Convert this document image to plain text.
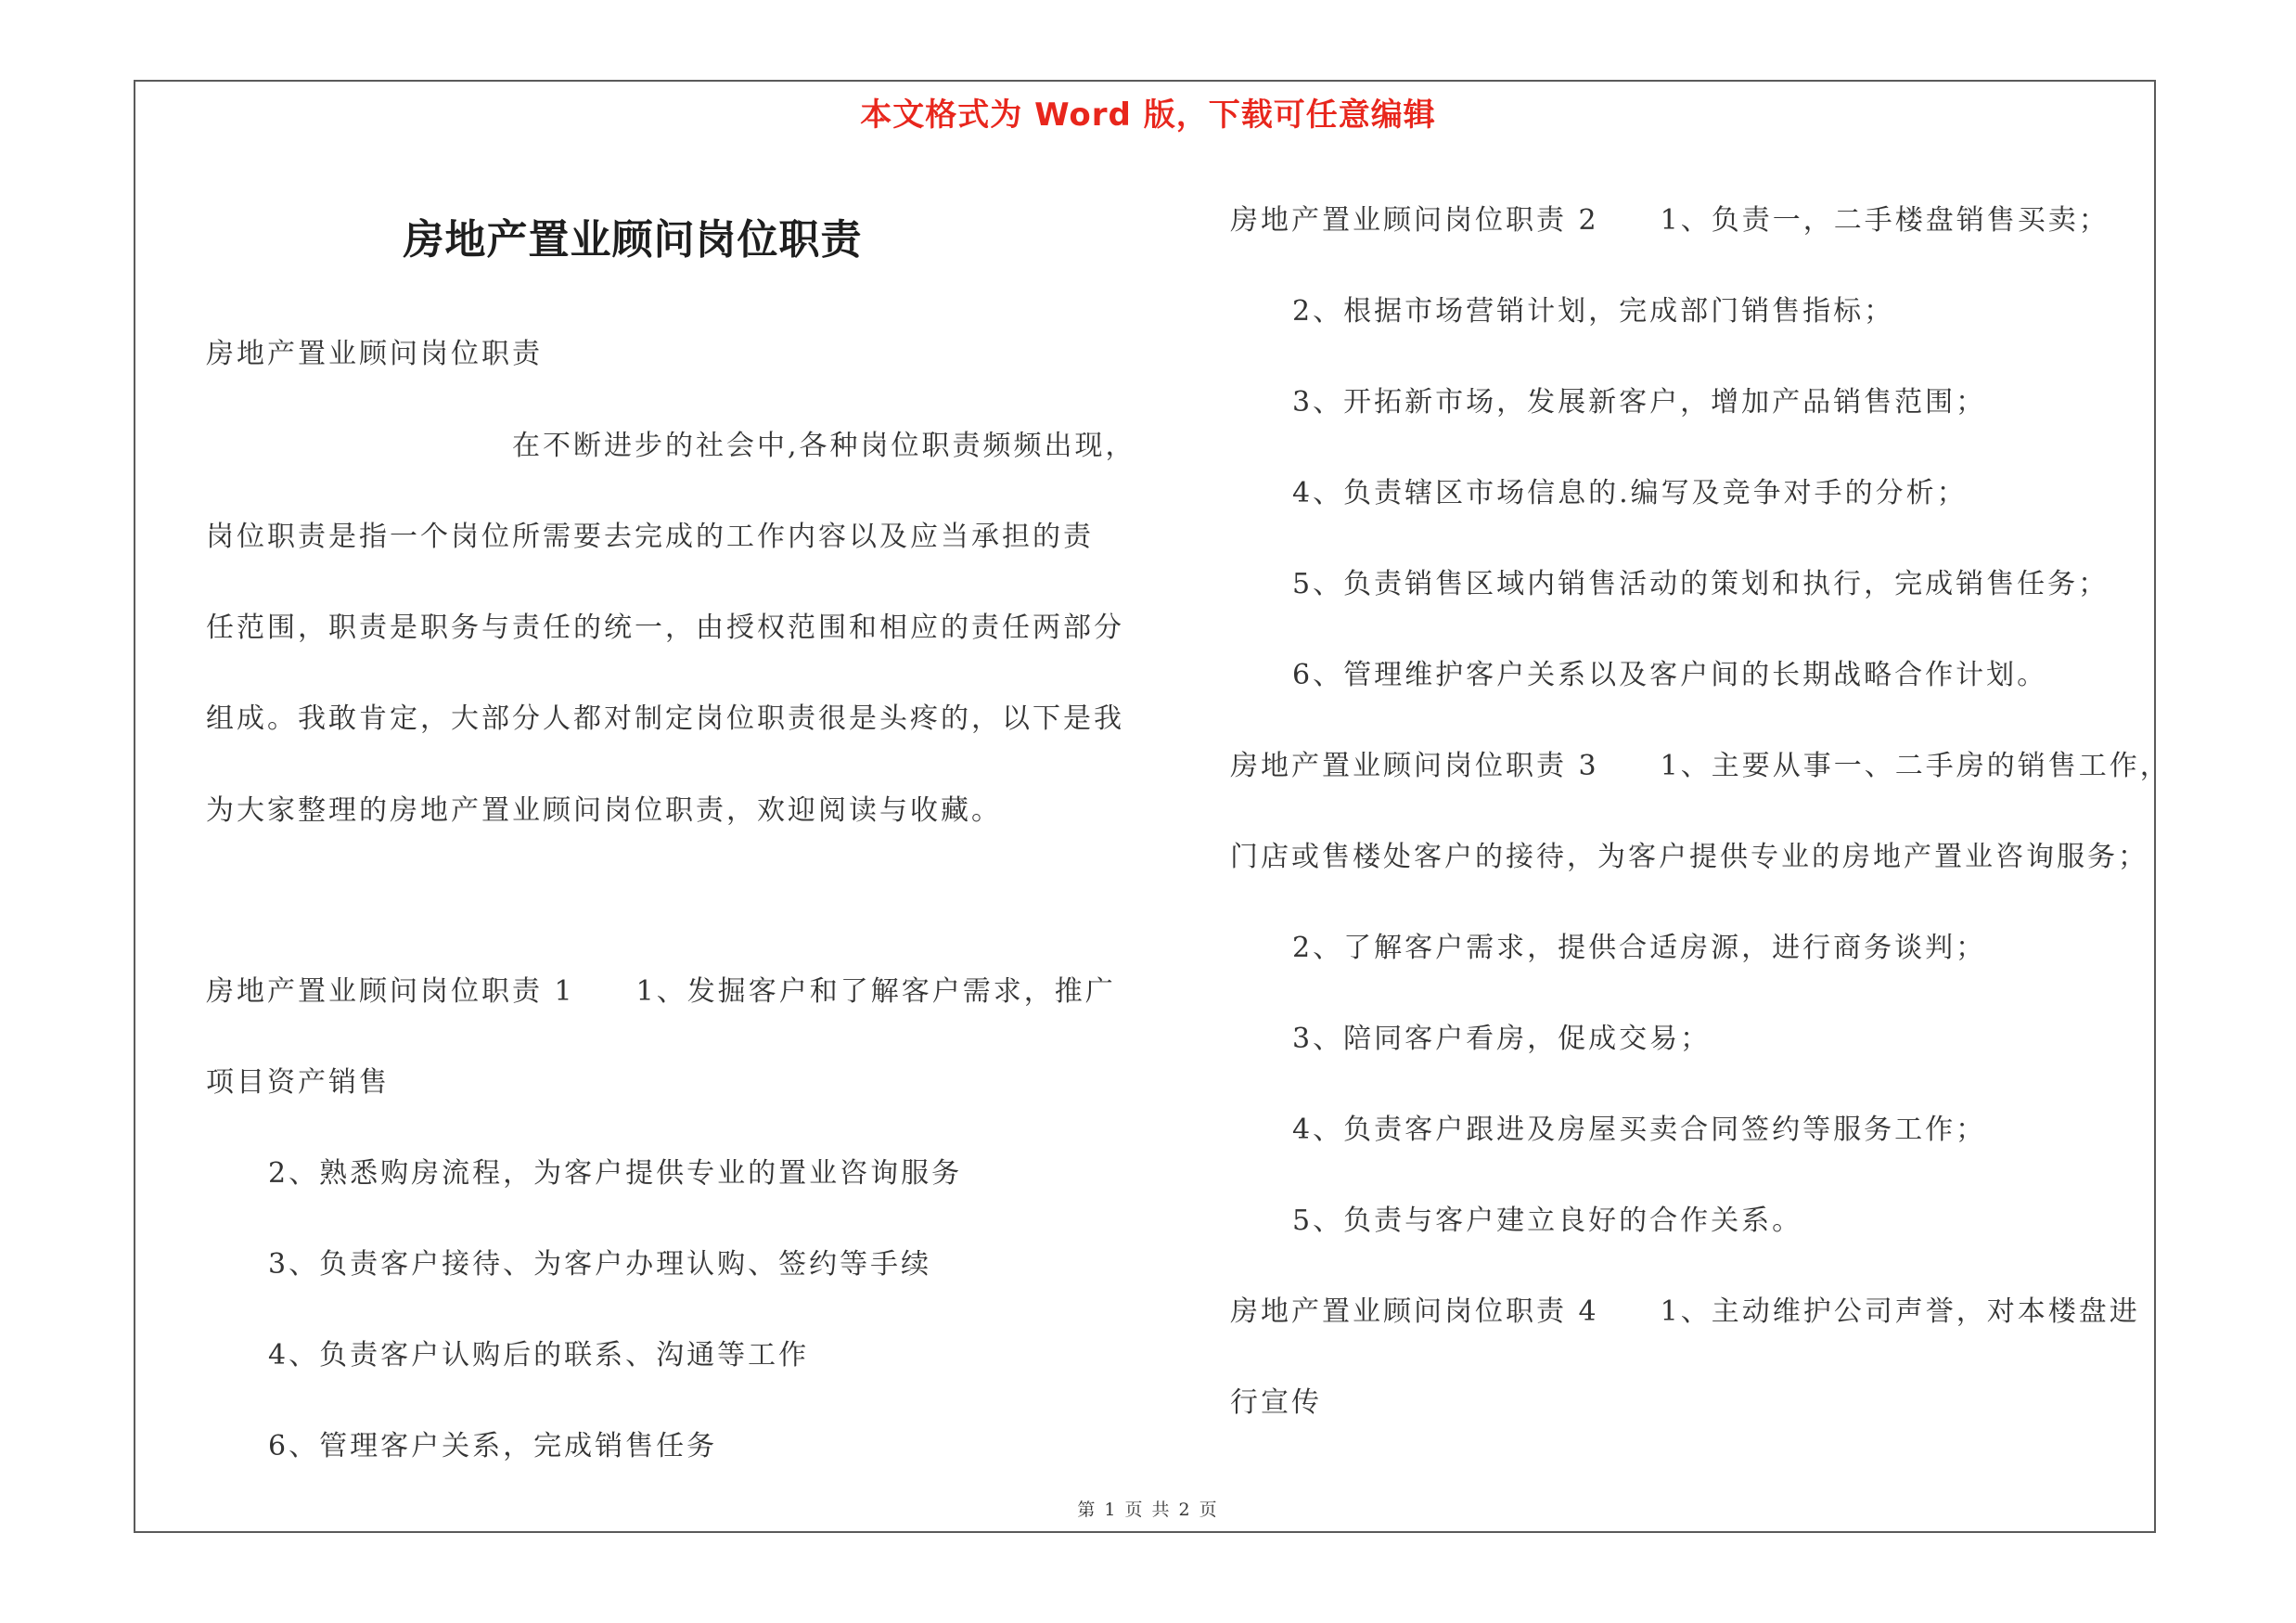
本文格式为 Word 版，下载可任意编辑
房地产置业顾问岗位职责
房地产置业顾问岗位职责
　　　　　　　　　　在不断进步的社会中,各种岗位职责频频出现，
岗位职责是指一个岗位所需要去完成的工作内容以及应当承担的责
任范围，职责是职务与责任的统一，由授权范围和相应的责任两部分
组成。我敢肯定，大部分人都对制定岗位职责很是头疼的，以下是我
为大家整理的房地产置业顾问岗位职责，欢迎阅读与收藏。
房地产置业顾问岗位职责 1　　1、发掘客户和了解客户需求，推广
项目资产销售
　2、熟悉购房流程，为客户提供专业的置业咨询服务
　3、负责客户接待、为客户办理认购、签约等手续
　4、负责客户认购后的联系、沟通等工作
　6、管理客户关系，完成销售任务
房地产置业顾问岗位职责 2　　1、负责一，二手楼盘销售买卖；
　2、根据市场营销计划，完成部门销售指标；
　3、开拓新市场，发展新客户，增加产品销售范围；
　4、负责辖区市场信息的.编写及竞争对手的分析；
　5、负责销售区域内销售活动的策划和执行，完成销售任务；
　6、管理维护客户关系以及客户间的长期战略合作计划。
房地产置业顾问岗位职责 3　　1、主要从事一、二手房的销售工作，
门店或售楼处客户的接待，为客户提供专业的房地产置业咨询服务；
　2、了解客户需求，提供合适房源，进行商务谈判；
　3、陪同客户看房，促成交易；
　4、负责客户跟进及房屋买卖合同签约等服务工作；
　5、负责与客户建立良好的合作关系。
房地产置业顾问岗位职责 4　　1、主动维护公司声誉，对本楼盘进
行宣传
第 1 页 共 2 页
